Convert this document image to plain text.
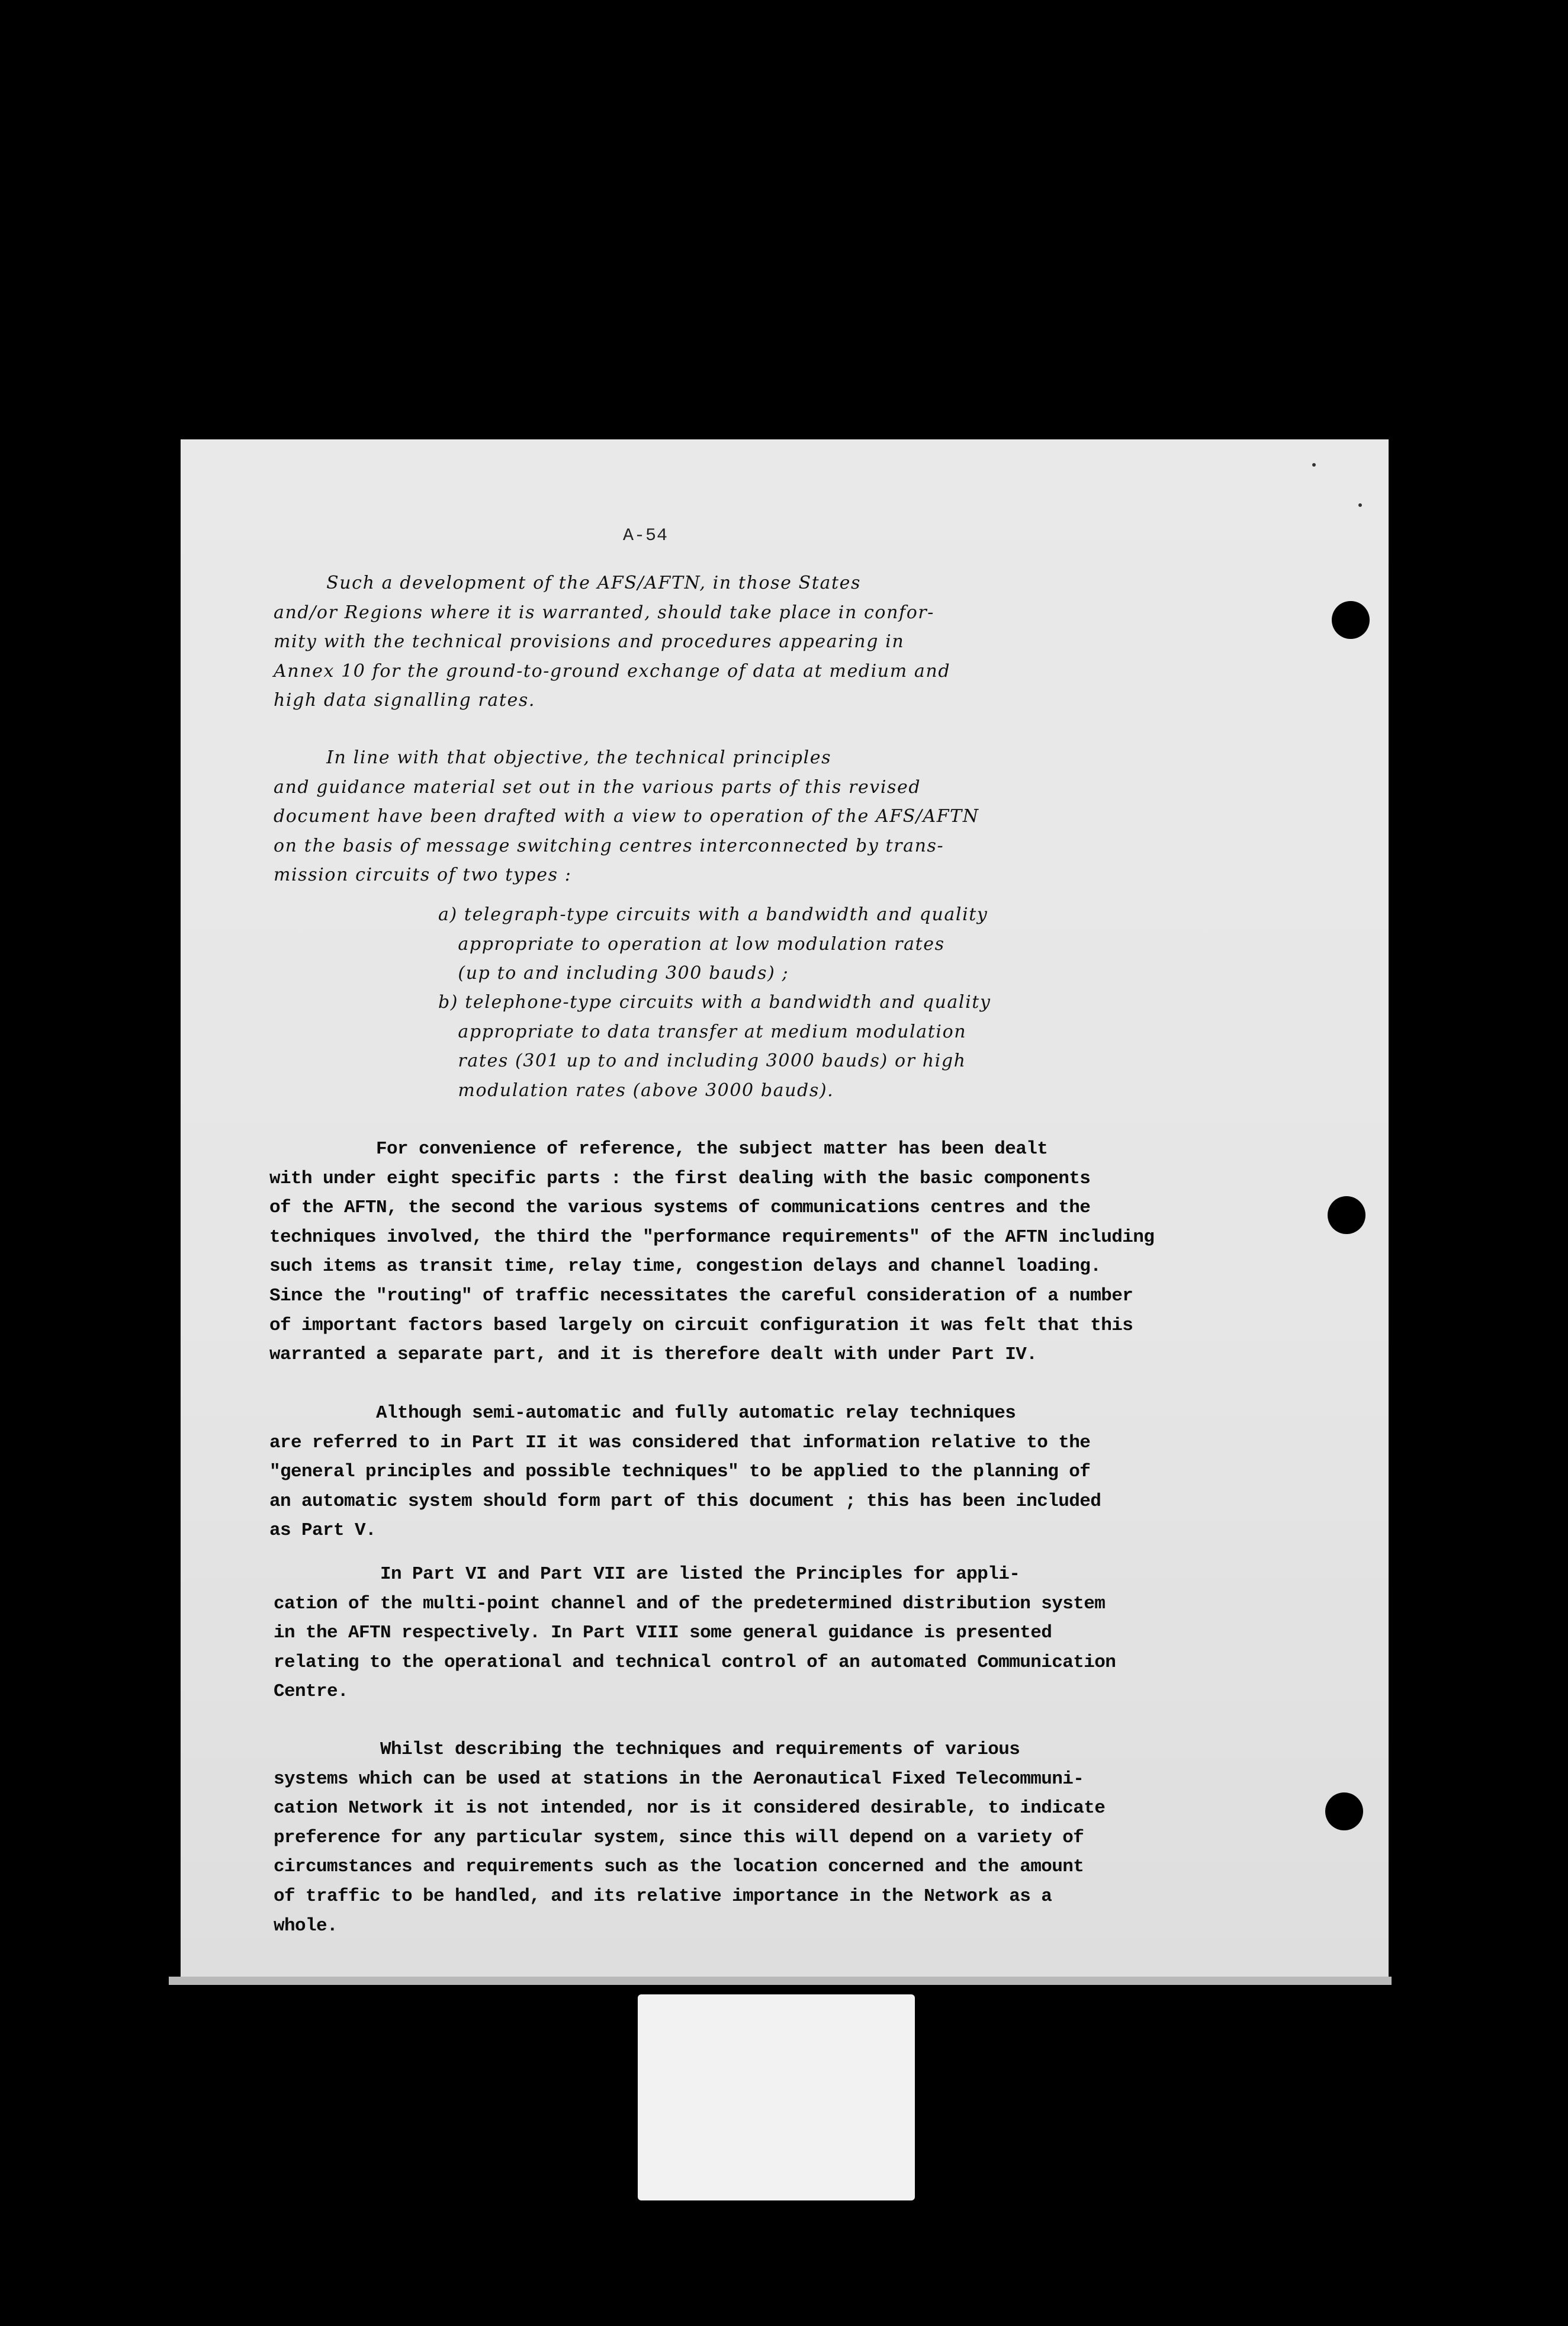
A-54

Such a development of the AFS/AFTN, in those States
and/or Regions where it is warranted, should take place in confor-
mity with the technical provisions and procedures appearing in
Annex 10 for the ground-to-ground exchange of data at medium and
high data signalling rates.

In line with that objective, the technical principles
and guidance material set out in the various parts of this revised
document have been drafted with a view to operation of the AFS/AFTN
on the basis of message switching centres interconnected by trans-
mission circuits of two types :

a) telegraph-type circuits with a bandwidth and quality
appropriate to operation at low modulation rates
(up to and including 300 bauds) ;

b) telephone-type circuits with a bandwidth and quality
appropriate to data transfer at medium modulation
rates (301 up to and including 3000 bauds) or high
modulation rates (above 3000 bauds).

For convenience of reference, the subject matter has been dealt
with under eight specific parts : the first dealing with the basic components
of the AFTN, the second the various systems of communications centres and the
techniques involved, the third the "performance requirements" of the AFTN including
such items as transit time, relay time, congestion delays and channel loading.
Since the "routing" of traffic necessitates the careful consideration of a number
of important factors based largely on circuit configuration it was felt that this
warranted a separate part, and it is therefore dealt with under Part IV.

Although semi-automatic and fully automatic relay techniques
are referred to in Part II it was considered that information relative to the
"general principles and possible techniques" to be applied to the planning of
an automatic system should form part of this document ; this has been included
as Part V.

In Part VI and Part VII are listed the Principles for appli-
cation of the multi-point channel and of the predetermined distribution system
in the AFTN respectively. In Part VIII some general guidance is presented
relating to the operational and technical control of an automated Communication
Centre.

Whilst describing the techniques and requirements of various
systems which can be used at stations in the Aeronautical Fixed Telecommuni-
cation Network it is not intended, nor is it considered desirable, to indicate
preference for any particular system, since this will depend on a variety of
circumstances and requirements such as the location concerned and the amount
of traffic to be handled, and its relative importance in the Network as a
whole.
